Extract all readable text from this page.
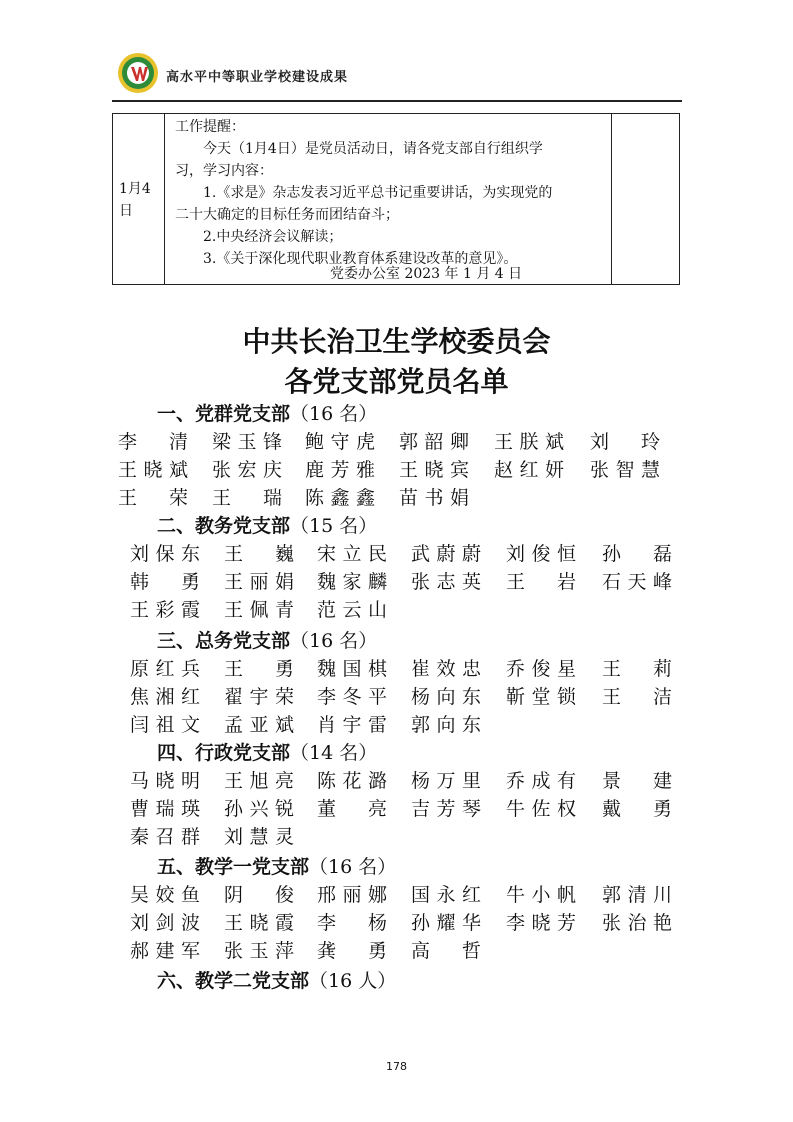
高水平中等职业学校建设成果
1月4日
工作提醒：
今天（1月4日）是党员活动日，请各党支部自行组织学
习，学习内容：
1.《求是》杂志发表习近平总书记重要讲话，为实现党的
二十大确定的目标任务而团结奋斗；
2.中央经济会议解读；
3.《关于深化现代职业教育体系建设改革的意见》。
党委办公室 2023 年 1 月 4 日
中共长治卫生学校委员会
各党支部党员名单
一、党群党支部（16 名）
李　清 梁玉锋 鲍守虎 郭韶卿 王朕斌 刘　玲
王晓斌 张宏庆 鹿芳雅 王晓宾 赵红妍 张智慧
王　荣 王　瑞 陈鑫鑫 苗书娟
二、教务党支部（15 名）
刘保东 王　巍 宋立民 武蔚蔚 刘俊恒 孙　磊
韩　勇 王丽娟 魏家麟 张志英 王　岩 石天峰
王彩霞 王佩青 范云山
三、总务党支部（16 名）
原红兵 王　勇 魏国棋 崔效忠 乔俊星 王　莉
焦湘红 翟宇荣 李冬平 杨向东 靳堂锁 王　洁
闫祖文 孟亚斌 肖宇雷 郭向东
四、行政党支部（14 名）
马晓明 王旭亮 陈花潞 杨万里 乔成有 景　建
曹瑞瑛 孙兴锐 董　亮 吉芳琴 牛佐权 戴　勇
秦召群 刘慧灵
五、教学一党支部（16 名）
吴姣鱼 阴　俊 邢丽娜 国永红 牛小帆 郭清川
刘剑波 王晓霞 李　杨 孙耀华 李晓芳 张治艳
郝建军 张玉萍 龚　勇 高　哲
六、教学二党支部（16 人）
178
